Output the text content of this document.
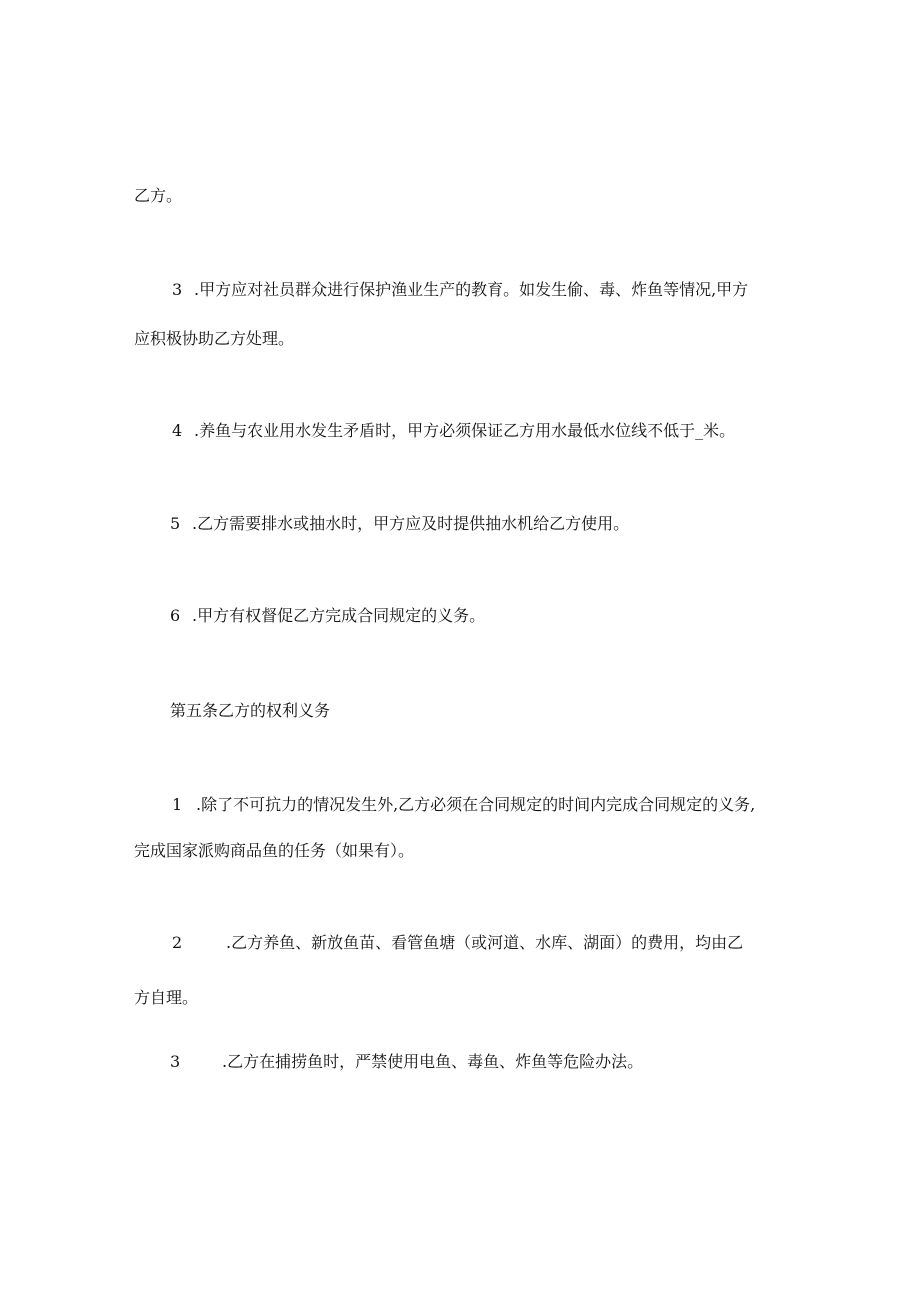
乙方。
3 .甲方应对社员群众进行保护渔业生产的教育。如发生偷、毒、炸鱼等情况,甲方
应积极协助乙方处理。
4 .养鱼与农业用水发生矛盾时，甲方必须保证乙方用水最低水位线不低于_米。
5 .乙方需要排水或抽水时，甲方应及时提供抽水机给乙方使用。
6 .甲方有权督促乙方完成合同规定的义务。
第五条乙方的权利义务
1 .除了不可抗力的情况发生外,乙方必须在合同规定的时间内完成合同规定的义务,
完成国家派购商品鱼的任务（如果有）。
2	.乙方养鱼、新放鱼苗、看管鱼塘（或河道、水库、湖面）的费用，均由乙
方自理。
3	.乙方在捕捞鱼时，严禁使用电鱼、毒鱼、炸鱼等危险办法。
